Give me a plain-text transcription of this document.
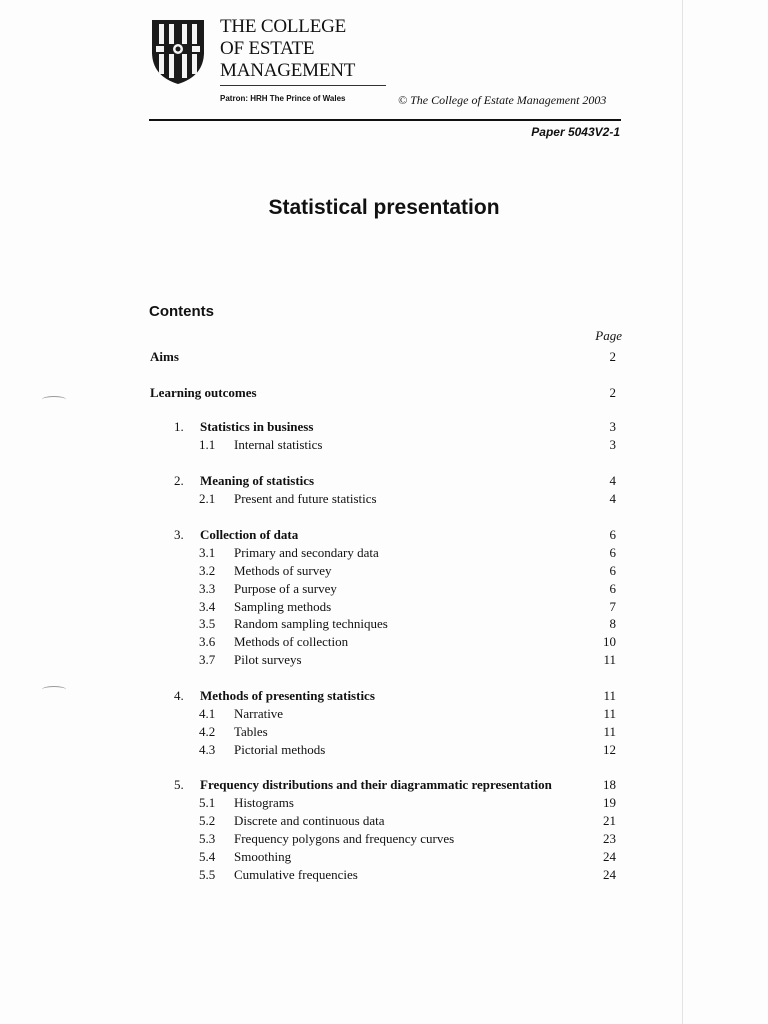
THE COLLEGE
OF ESTATE
MANAGEMENT
Patron: HRH The Prince of Wales	© The College of Estate Management 2003
Paper 5043V2-1
Statistical presentation
Contents
Page
Aims	2
Learning outcomes	2
1. Statistics in business	3
1.1 Internal statistics	3
2. Meaning of statistics	4
2.1 Present and future statistics	4
3. Collection of data	6
3.1 Primary and secondary data	6
3.2 Methods of survey	6
3.3 Purpose of a survey	6
3.4 Sampling methods	7
3.5 Random sampling techniques	8
3.6 Methods of collection	10
3.7 Pilot surveys	11
4. Methods of presenting statistics	11
4.1 Narrative	11
4.2 Tables	11
4.3 Pictorial methods	12
5. Frequency distributions and their diagrammatic representation	18
5.1 Histograms	19
5.2 Discrete and continuous data	21
5.3 Frequency polygons and frequency curves	23
5.4 Smoothing	24
5.5 Cumulative frequencies	24
